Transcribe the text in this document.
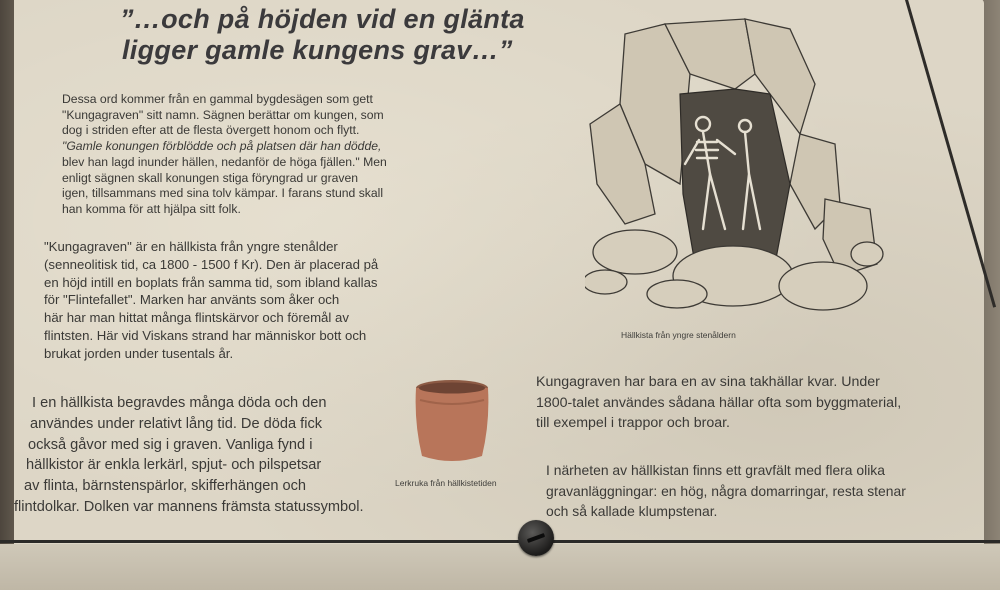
”…och på höjden vid en glänta
ligger gamle kungens grav…”
Dessa ord kommer från en gammal bygdesägen som gett
"Kungagraven" sitt namn. Sägnen berättar om kungen, som
dog i striden efter att de flesta övergett honom och flytt.
"Gamle konungen förblödde och på platsen där han dödde,
blev han lagd inunder hällen, nedanför de höga fjällen." Men
enligt sägnen skall konungen stiga föryngrad ur graven
igen, tillsammans med sina tolv kämpar. I farans stund skall
han komma för att hjälpa sitt folk.
"Kungagraven" är en hällkista från yngre stenålder
(senneolitisk tid, ca 1800 - 1500 f Kr). Den är placerad på
en höjd intill en boplats från samma tid, som ibland kallas
för "Flintefallet". Marken har använts som åker och
här har man hittat många flintskärvor och föremål av
flintsten. Här vid Viskans strand har människor bott och
brukat jorden under tusentals år.
I en hällkista begravdes många döda och den
användes under relativt lång tid. De döda fick
också gåvor med sig i graven. Vanliga fynd i
hällkistor är enkla lerkärl, spjut- och pilspetsar
av flinta, bärnstenspärlor, skifferhängen och
flintdolkar. Dolken var mannens främsta statussymbol.
Kungagraven har bara en av sina takhällar kvar. Under
1800-talet användes sådana hällar ofta som byggmaterial,
till exempel i trappor och broar.
I närheten av hällkistan finns ett gravfält med flera olika
gravanläggningar: en hög, några domarringar, resta stenar
och så kallade klumpstenar.
Hällkista från yngre stenåldern
Lerkruka från hällkistetiden
